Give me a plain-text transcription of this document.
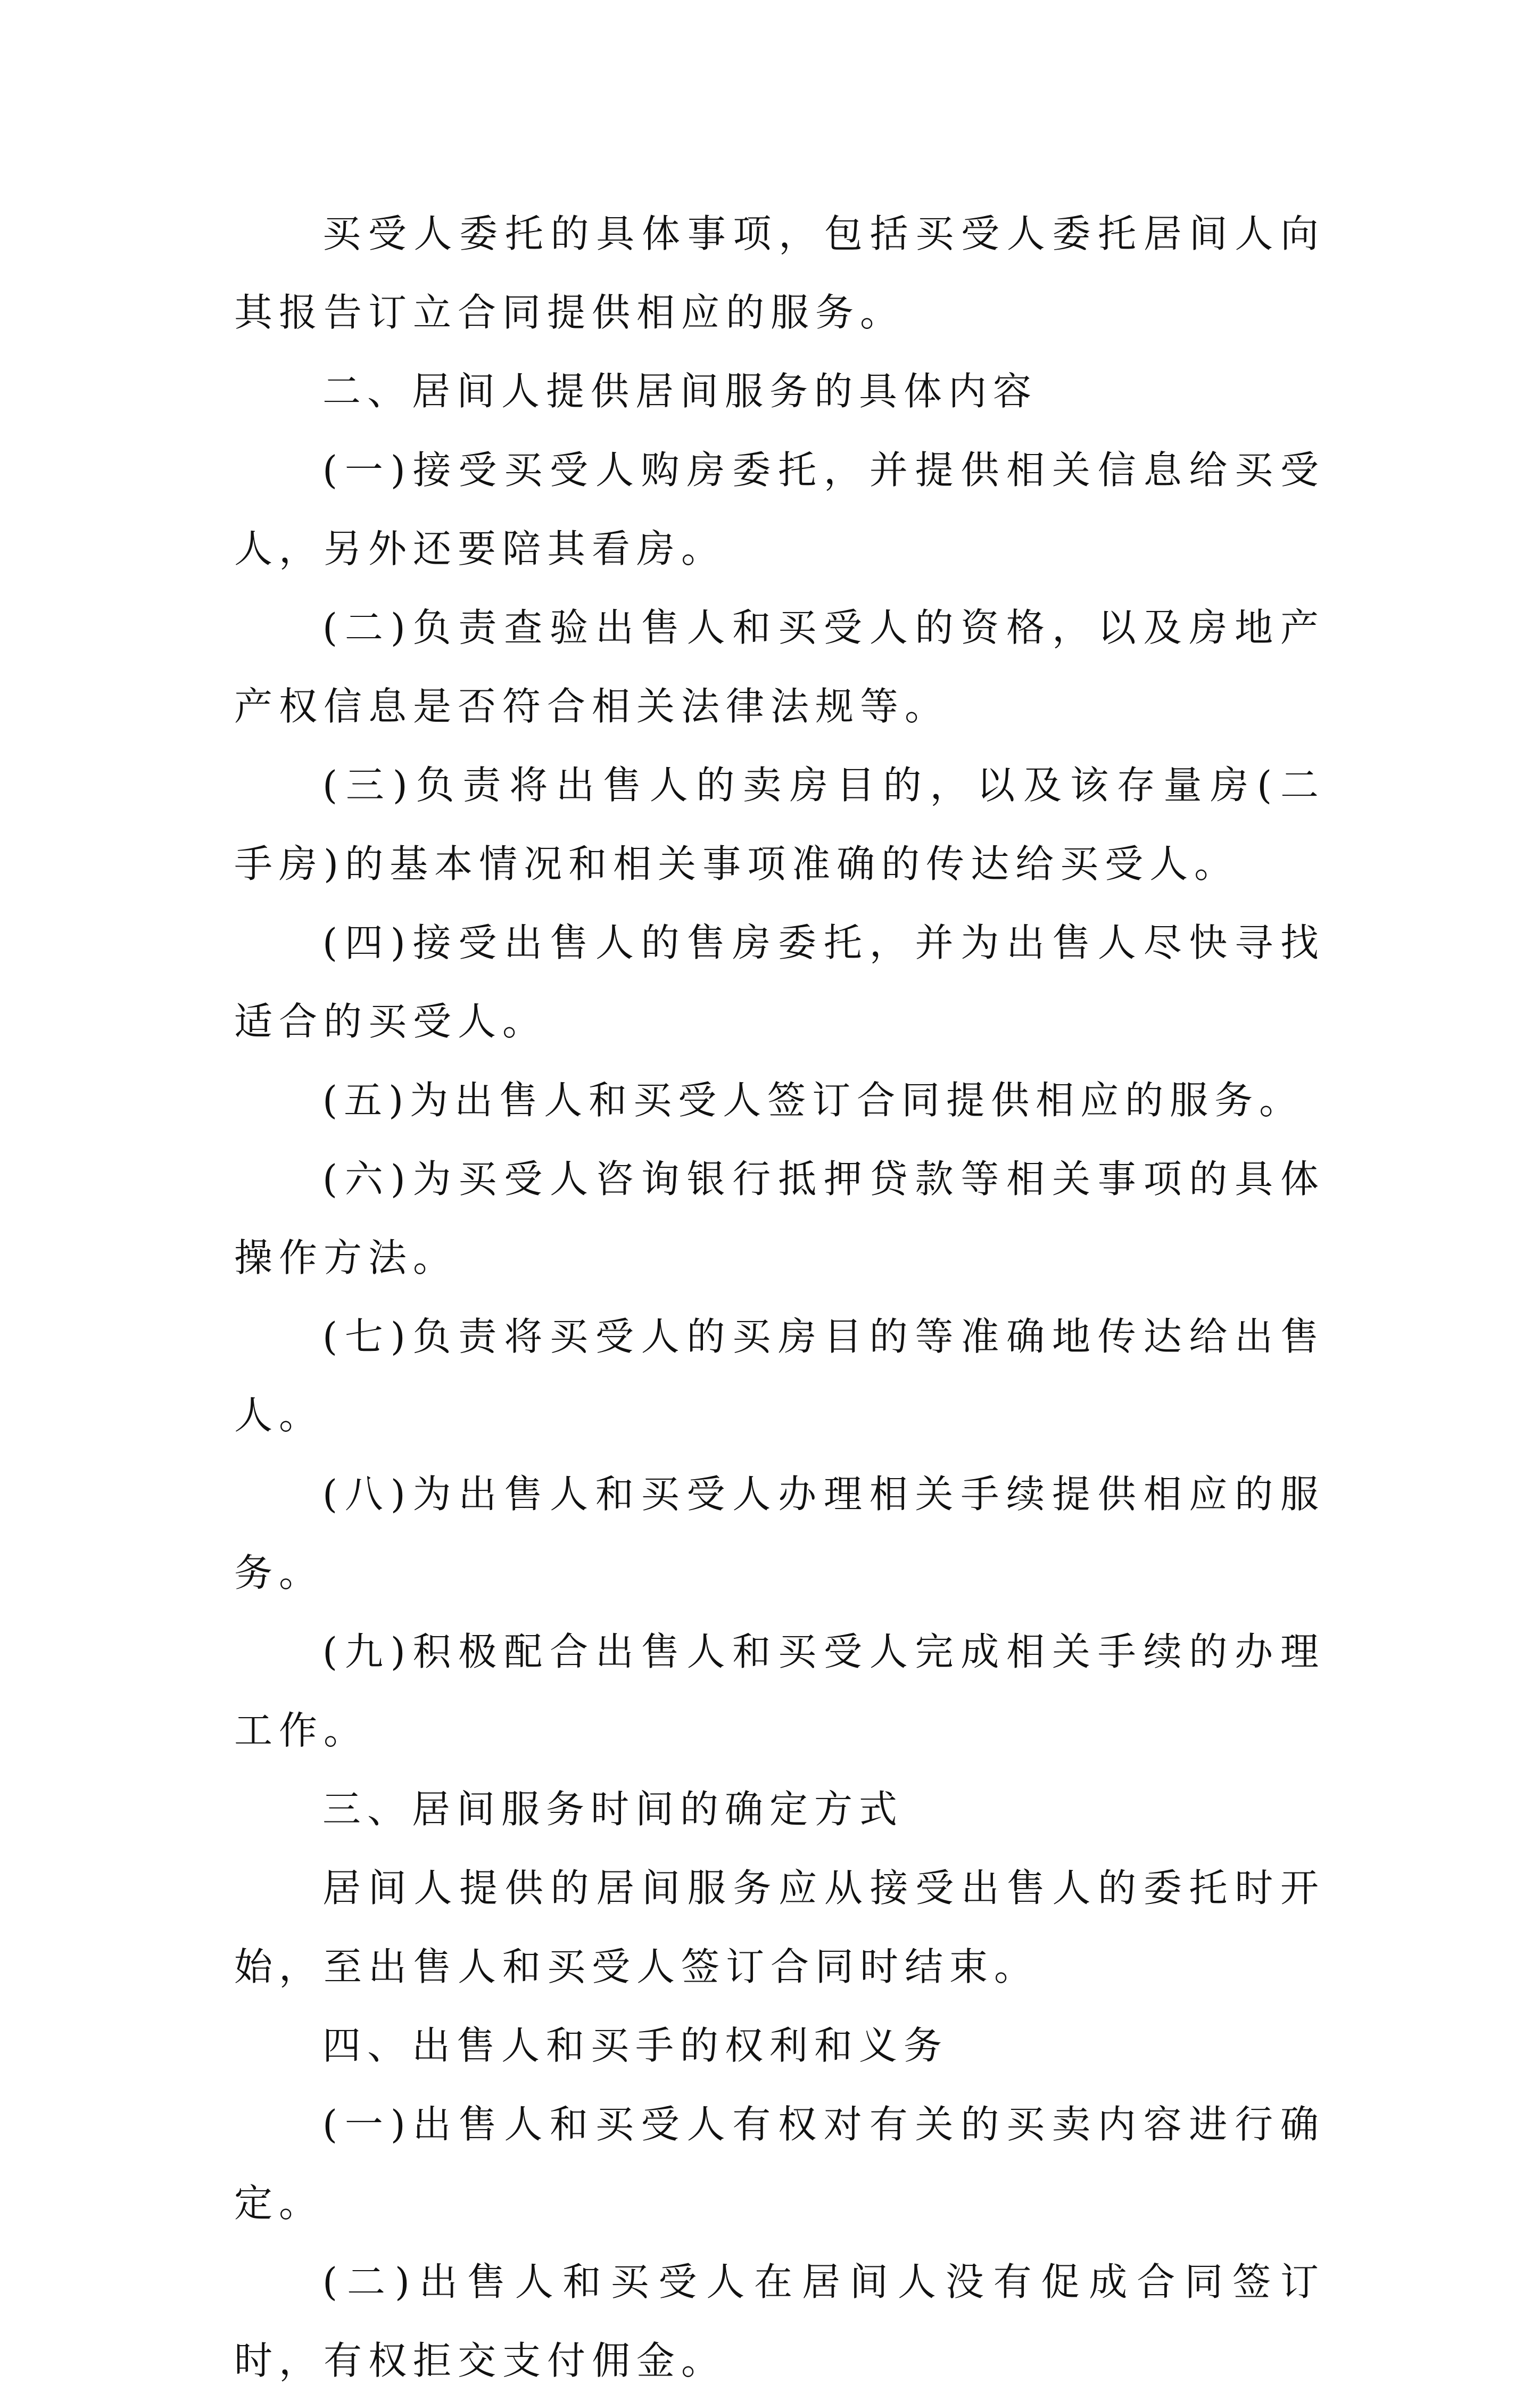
买受人委托的具体事项，包括买受人委托居间人向其报告订立合同提供相应的服务。

二、居间人提供居间服务的具体内容

(一)接受买受人购房委托，并提供相关信息给买受人，另外还要陪其看房。

(二)负责查验出售人和买受人的资格，以及房地产产权信息是否符合相关法律法规等。

(三)负责将出售人的卖房目的，以及该存量房(二手房)的基本情况和相关事项准确的传达给买受人。

(四)接受出售人的售房委托，并为出售人尽快寻找适合的买受人。

(五)为出售人和买受人签订合同提供相应的服务。

(六)为买受人咨询银行抵押贷款等相关事项的具体操作方法。

(七)负责将买受人的买房目的等准确地传达给出售人。

(八)为出售人和买受人办理相关手续提供相应的服务。

(九)积极配合出售人和买受人完成相关手续的办理工作。

三、居间服务时间的确定方式

居间人提供的居间服务应从接受出售人的委托时开始，至出售人和买受人签订合同时结束。

四、出售人和买手的权利和义务

(一)出售人和买受人有权对有关的买卖内容进行确定。

(二)出售人和买受人在居间人没有促成合同签订时，有权拒交支付佣金。
